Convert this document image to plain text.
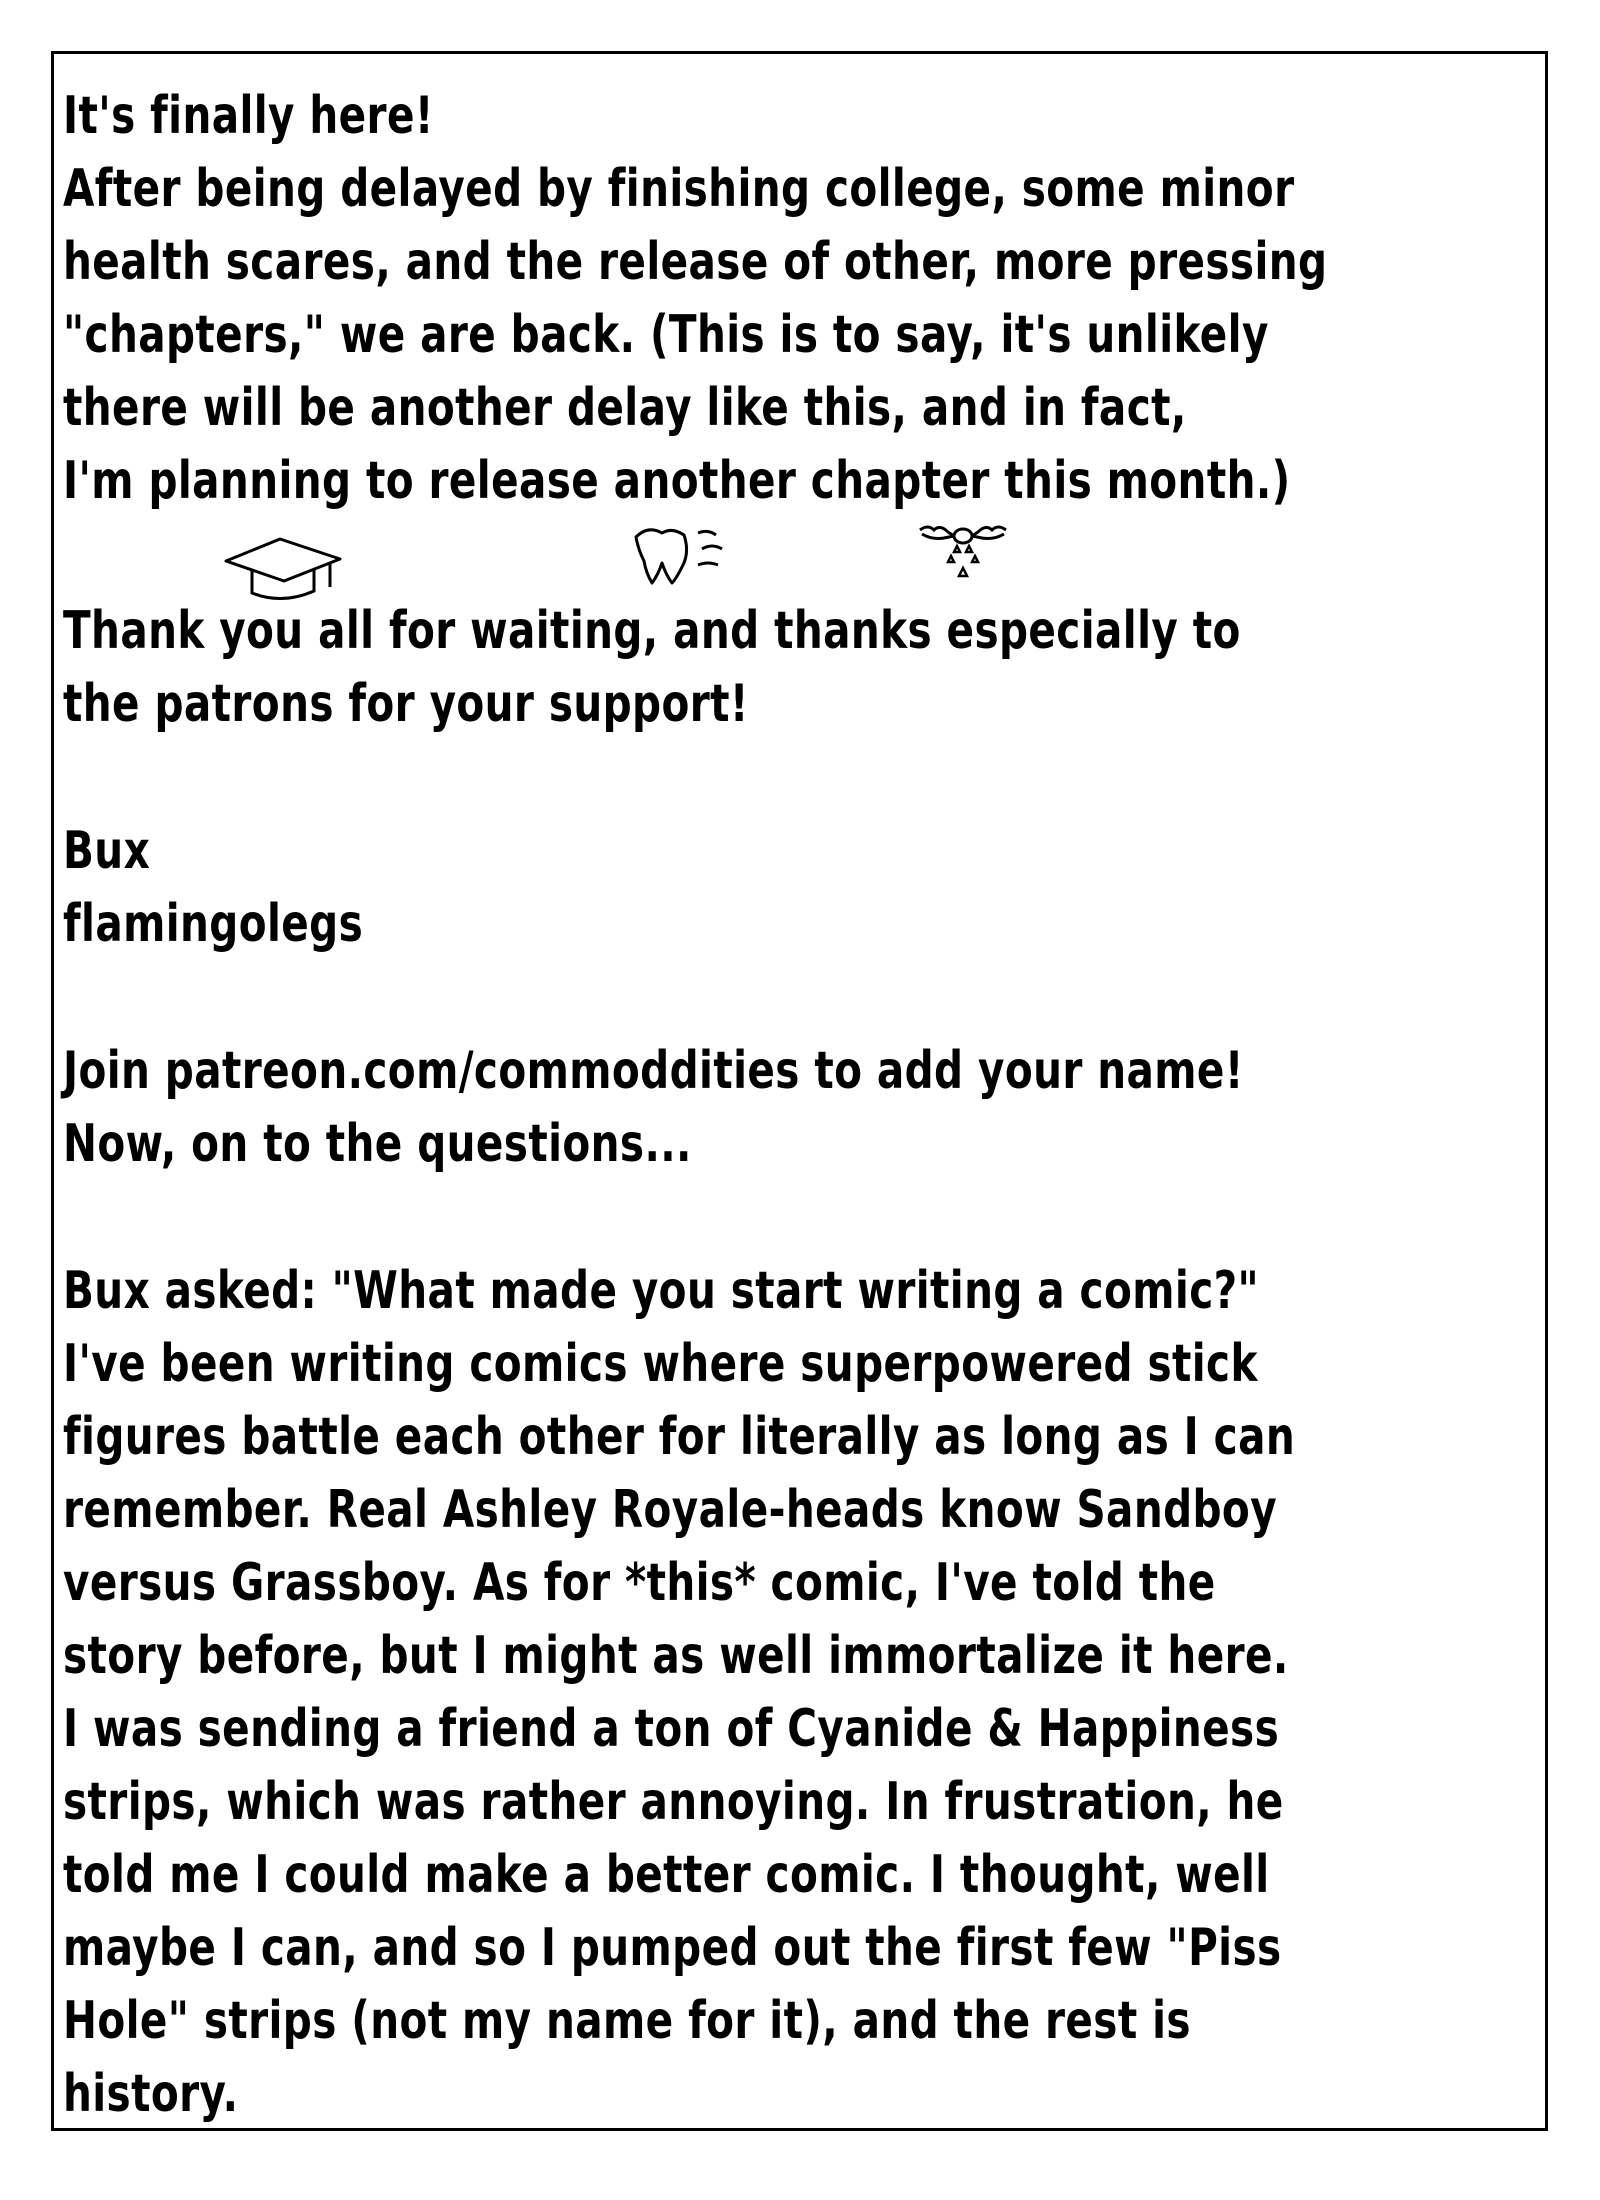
It's finally here!
After being delayed by finishing college, some minor
health scares, and the release of other, more pressing
"chapters," we are back. (This is to say, it's unlikely
there will be another delay like this, and in fact,
I'm planning to release another chapter this month.)
Thank you all for waiting, and thanks especially to
the patrons for your support!
Bux
flamingolegs
Join patreon.com/commoddities to add your name!
Now, on to the questions...
Bux asked: "What made you start writing a comic?"
I've been writing comics where superpowered stick
figures battle each other for literally as long as I can
remember. Real Ashley Royale-heads know Sandboy
versus Grassboy. As for *this* comic, I've told the
story before, but I might as well immortalize it here.
I was sending a friend a ton of Cyanide & Happiness
strips, which was rather annoying. In frustration, he
told me I could make a better comic. I thought, well
maybe I can, and so I pumped out the first few "Piss
Hole" strips (not my name for it), and the rest is
history.
